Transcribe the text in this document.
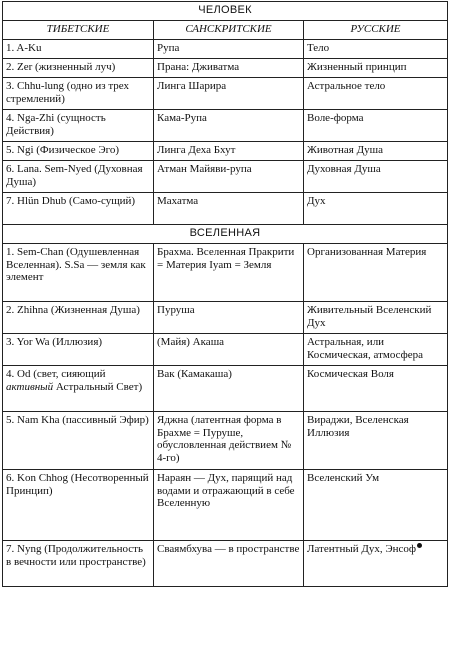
ЧЕЛОВЕК		
ТИБЕТСКИЕ	САНСКРИТСКИЕ	РУССКИЕ
1. A-Ku	Рупа	Тело
2. Zer (жизненный луч)	Прана: Дживатма	Жизненный принцип
3. Chhu-lung (одно из трех стремлений)	Линга Шарира	Астральное тело
4. Nga-Zhi (сущность Действия)	Кама-Рупа	Воле-форма
5. Ngi (Физическое Эго)	Линга Деха Бхут	Животная Душа
6. Lana. Sem-Nyed (Духовная Душа)	Атман Майяви-рупа	Духовная Душа
7. Hlün Dhub (Само-сущий)	Махатма	Дух
ВСЕЛЕННАЯ		
1. Sem-Chan (Одушевленная Вселенная). S.Sa — земля как элемент	Брахма. Вселенная Пракрити = Материя Iyam = Земля	Организованная Материя
2. Zhihna (Жизненная Душа)	Пуруша	Живительный Вселенский Дух
3. Yor Wa (Иллюзия)	(Майя) Акаша	Астральная, или Космическая, атмосфера
4. Od (свет, сияющий активный Астральный Свет)	Вак (Камакаша)	Космическая Воля
5. Nam Kha (пассивный Эфир)	Яджна (латентная форма в Брахме = Пуруше, обусловленная действием № 4-го)	Вираджи, Вселенская Иллюзия
6. Kon Chhog (Несотворенный Принцип)	Нараян — Дух, парящий над водами и отражающий в себе Вселенную	Вселенский Ум
7. Nyng (Продолжительность в вечности или пространстве)	Сваямбхува — в пространстве	Латентный Дух, Энсоф
